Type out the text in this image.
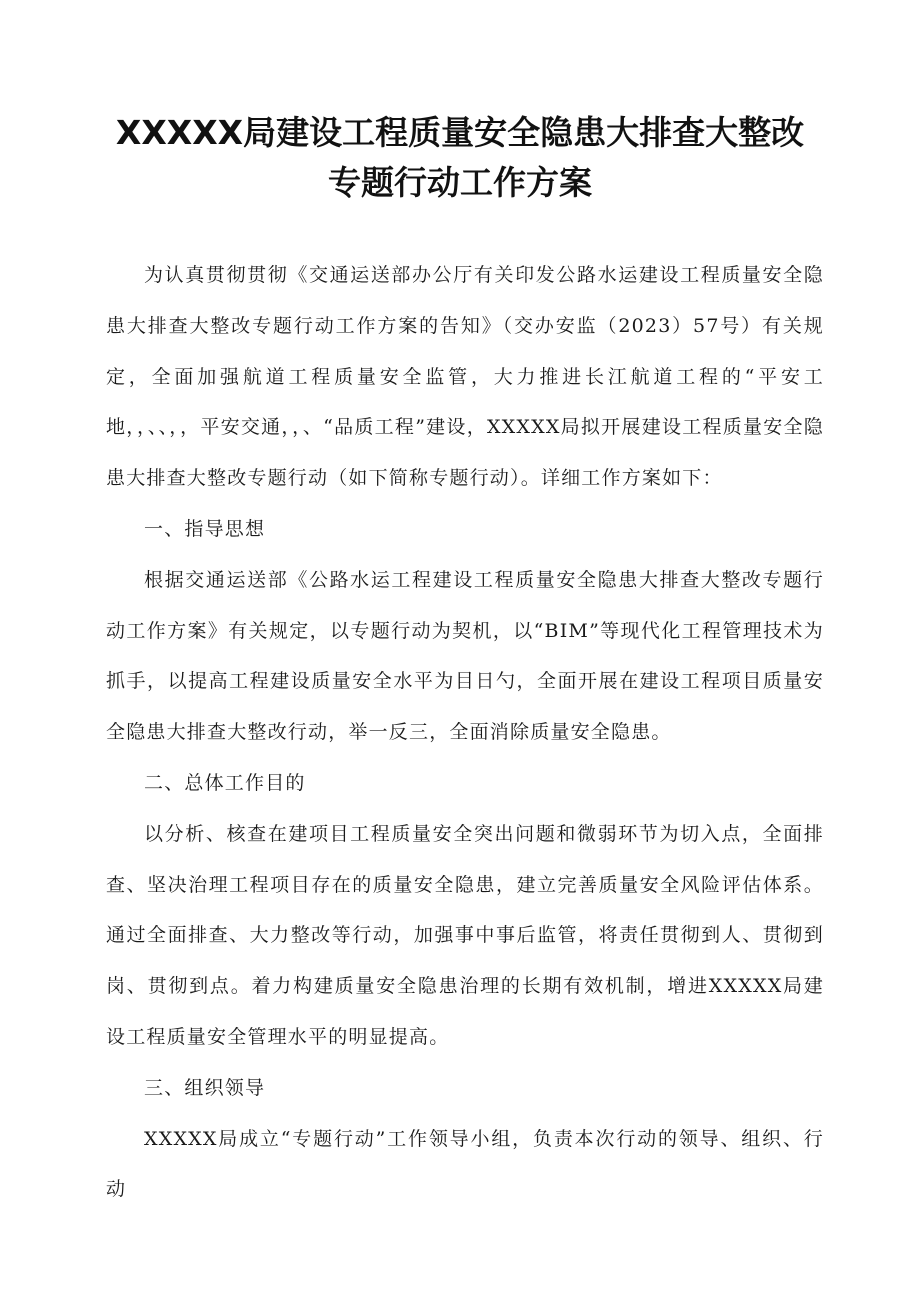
XXXXX局建设工程质量安全隐患大排查大整改专题行动工作方案

为认真贯彻贯彻《交通运送部办公厅有关印发公路水运建设工程质量安全隐患大排查大整改专题行动工作方案的告知》（交办安监（2023）57号）有关规定，全面加强航道工程质量安全监管，大力推进长江航道工程的“平安工地，，、、，，平安交通，，、“品质工程”建设，XXXXX局拟开展建设工程质量安全隐患大排查大整改专题行动（如下简称专题行动）。详细工作方案如下：

一、指导思想

根据交通运送部《公路水运工程建设工程质量安全隐患大排查大整改专题行动工作方案》有关规定，以专题行动为契机，以“BIM”等现代化工程管理技术为抓手，以提高工程建设质量安全水平为目日勺，全面开展在建设工程项目质量安全隐患大排查大整改行动，举一反三，全面消除质量安全隐患。

二、总体工作目的

以分析、核查在建项目工程质量安全突出问题和微弱环节为切入点，全面排查、坚决治理工程项目存在的质量安全隐患，建立完善质量安全风险评估体系。通过全面排查、大力整改等行动，加强事中事后监管，将责任贯彻到人、贯彻到岗、贯彻到点。着力构建质量安全隐患治理的长期有效机制，增进XXXXX局建设工程质量安全管理水平的明显提高。

三、组织领导

XXXXX局成立“专题行动”工作领导小组，负责本次行动的领导、组织、行动
